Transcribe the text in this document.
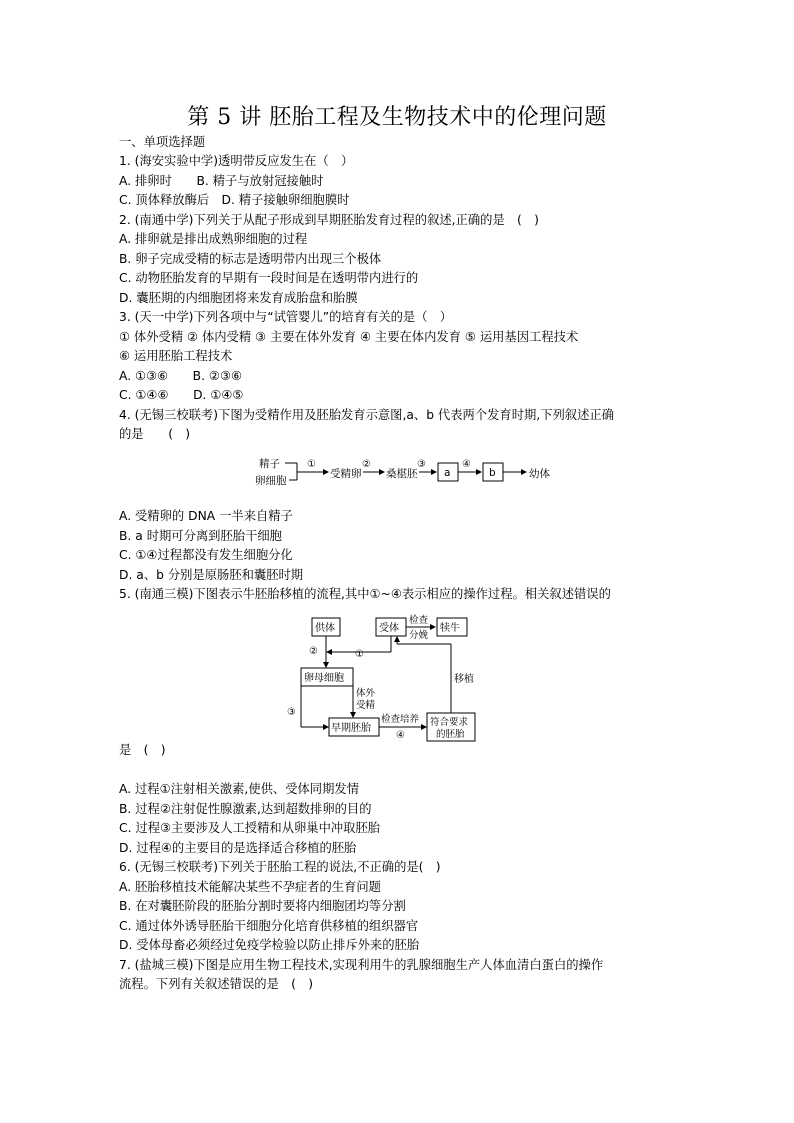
第 5 讲 胚胎工程及生物技术中的伦理问题
一、单项选择题
1. (海安实验中学)透明带反应发生在（　）
A. 排卵时　　B. 精子与放射冠接触时
C. 顶体释放酶后　D. 精子接触卵细胞膜时
2. (南通中学)下列关于从配子形成到早期胚胎发育过程的叙述,正确的是　(　)
A. 排卵就是排出成熟卵细胞的过程
B. 卵子完成受精的标志是透明带内出现三个极体
C. 动物胚胎发育的早期有一段时间是在透明带内进行的
D. 囊胚期的内细胞团将来发育成胎盘和胎膜
3. (天一中学)下列各项中与“试管婴儿”的培育有关的是（　）
① 体外受精 ② 体内受精 ③ 主要在体外发育 ④ 主要在体内发育 ⑤ 运用基因工程技术
⑥ 运用胚胎工程技术
A. ①③⑥　　B. ②③⑥
C. ①④⑥　　D. ①④⑤
4. (无锡三校联考)下图为受精作用及胚胎发育示意图,a、b 代表两个发育时期,下列叙述正确
的是　　(　)
精子
卵细胞
①
受精卵
②
桑椹胚
③
a
④
b	幼体
A. 受精卵的 DNA 一半来自精子
B. a 时期可分离到胚胎干细胞
C. ①④过程都没有发生细胞分化
D. a、b 分别是原肠胚和囊胚时期
5. (南通三模)下图表示牛胚胎移植的流程,其中①~④表示相应的操作过程。相关叙述错误的
供体	受体
检查
分娩
犊牛
①
②
卵母细胞
体外
受精
③
早期胚胎
检查培养
④
符合要求
的胚胎
移植
是　(　)
A. 过程①注射相关激素,使供、受体同期发情
B. 过程②注射促性腺激素,达到超数排卵的目的
C. 过程③主要涉及人工授精和从卵巢中冲取胚胎
D. 过程④的主要目的是选择适合移植的胚胎
6. (无锡三校联考)下列关于胚胎工程的说法,不正确的是(　)
A. 胚胎移植技术能解决某些不孕症者的生育问题
B. 在对囊胚阶段的胚胎分割时要将内细胞团均等分割
C. 通过体外诱导胚胎干细胞分化培育供移植的组织器官
D. 受体母畜必须经过免疫学检验以防止排斥外来的胚胎
7. (盐城三模)下图是应用生物工程技术,实现利用牛的乳腺细胞生产人体血清白蛋白的操作
流程。下列有关叙述错误的是　(　)
